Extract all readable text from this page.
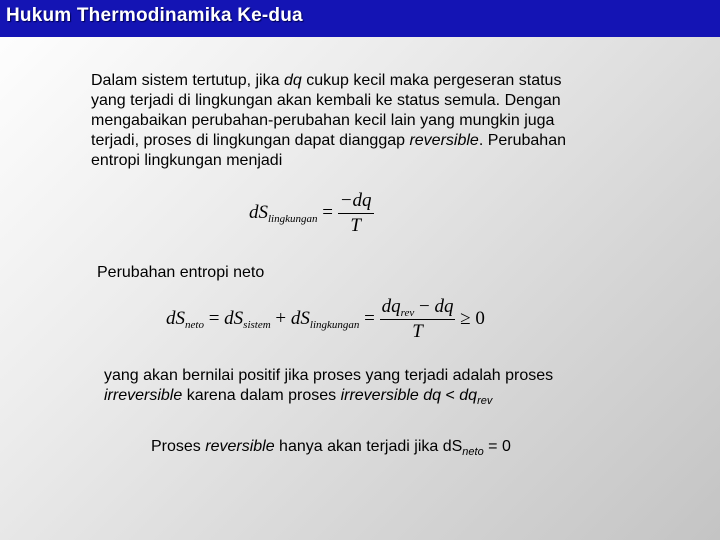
Hukum Thermodinamika Ke-dua
Dalam sistem tertutup, jika dq cukup kecil maka pergeseran status
yang terjadi di lingkungan akan kembali ke status semula. Dengan
mengabaikan perubahan-perubahan kecil lain yang mungkin juga
terjadi, proses di lingkungan dapat dianggap reversible. Perubahan
entropi lingkungan menjadi
$dS_{lingkungan} = \frac{-dq}{T}$
Perubahan entropi neto
$dS_{neto} = dS_{sistem} + dS_{lingkungan} = \frac{dq_{rev} - dq}{T} \ge 0$
yang akan bernilai positif jika proses yang terjadi adalah proses
irreversible karena dalam proses irreversible dq < $dq_{rev}$
Proses reversible hanya akan terjadi jika $dS_{neto} = 0$
